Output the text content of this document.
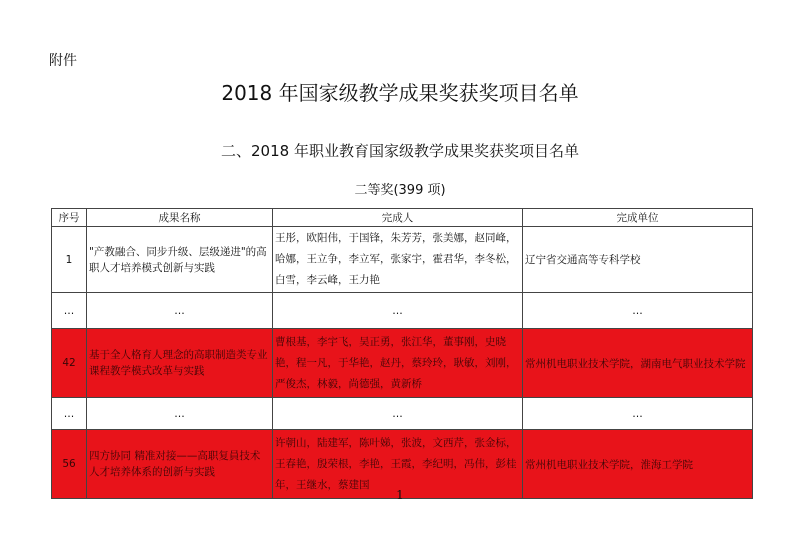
附件
2018 年国家级教学成果奖获奖项目名单
二、2018 年职业教育国家级教学成果奖获奖项目名单
二等奖(399 项)
序号	成果名称	完成人	完成单位
1	"产教融合、同步升级、层级递进"的高职人才培养模式创新与实践	王彤，欧阳伟，于国锋，朱芳芳，张美娜，赵同峰，哈娜，王立争，李立军，张家宇，霍君华，李冬松，白雪，李云峰，王力艳	辽宁省交通高等专科学校
…	…	…	…
42	基于全人格育人理念的高职制造类专业课程教学模式改革与实践	曹根基，李宇飞，吴正勇，张江华，董事刚，史晓艳，程一凡，于华艳，赵丹，蔡玲玲，耿敏，刘刚，严俊杰，林毅，尚德强，黄新桥	常州机电职业技术学院，湖南电气职业技术学院
…	…	…	…
56	四方协同 精准对接——高职复員技术人才培养体系的创新与实践	许朝山，陆建军，陈叶娣，张波，文西芹，张金标，王春艳，殷荣根，李艳，王霞，李纪明，冯伟，彭桂年，王继水，蔡建国	常州机电职业技术学院，淮海工学院
1
